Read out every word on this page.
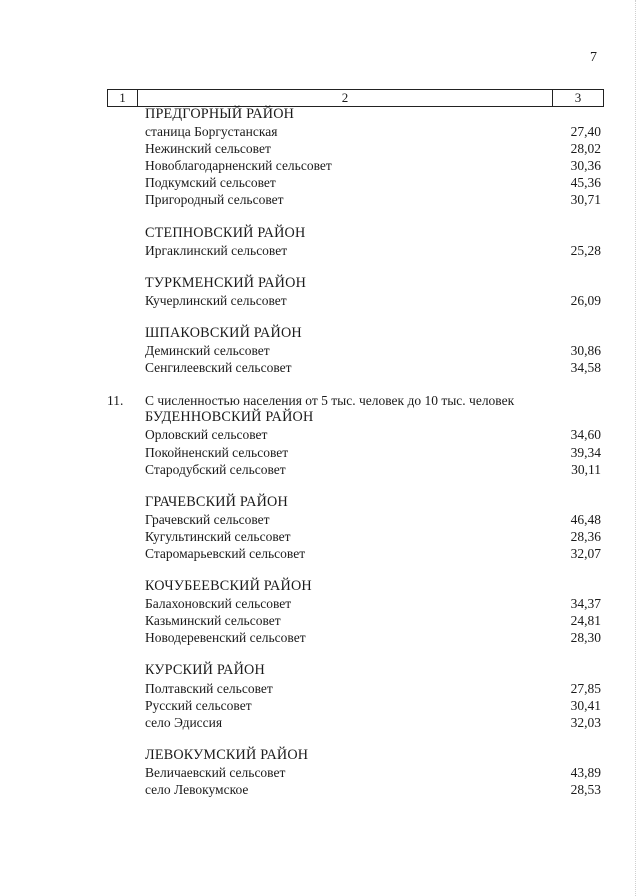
7
1	2	3
ПРЕДГОРНЫЙ РАЙОН
станица Боргустанская	27,40
Нежинский сельсовет	28,02
Новоблагодарненский сельсовет	30,36
Подкумский сельсовет	45,36
Пригородный сельсовет	30,71
СТЕПНОВСКИЙ РАЙОН
Иргаклинский сельсовет	25,28
ТУРКМЕНСКИЙ РАЙОН
Кучерлинский сельсовет	26,09
ШПАКОВСКИЙ РАЙОН
Деминский сельсовет	30,86
Сенгилеевский сельсовет	34,58
11.	С численностью населения от 5 тыс. человек до 10 тыс. человек
БУДЕННОВСКИЙ РАЙОН
Орловский сельсовет	34,60
Покойненский сельсовет	39,34
Стародубский сельсовет	30,11
ГРАЧЕВСКИЙ РАЙОН
Грачевский сельсовет	46,48
Кугультинский сельсовет	28,36
Старомарьевский сельсовет	32,07
КОЧУБЕЕВСКИЙ РАЙОН
Балахоновский сельсовет	34,37
Казьминский сельсовет	24,81
Новодеревенский сельсовет	28,30
КУРСКИЙ РАЙОН
Полтавский сельсовет	27,85
Русский сельсовет	30,41
село Эдиссия	32,03
ЛЕВОКУМСКИЙ РАЙОН
Величаевский сельсовет	43,89
село Левокумское	28,53
